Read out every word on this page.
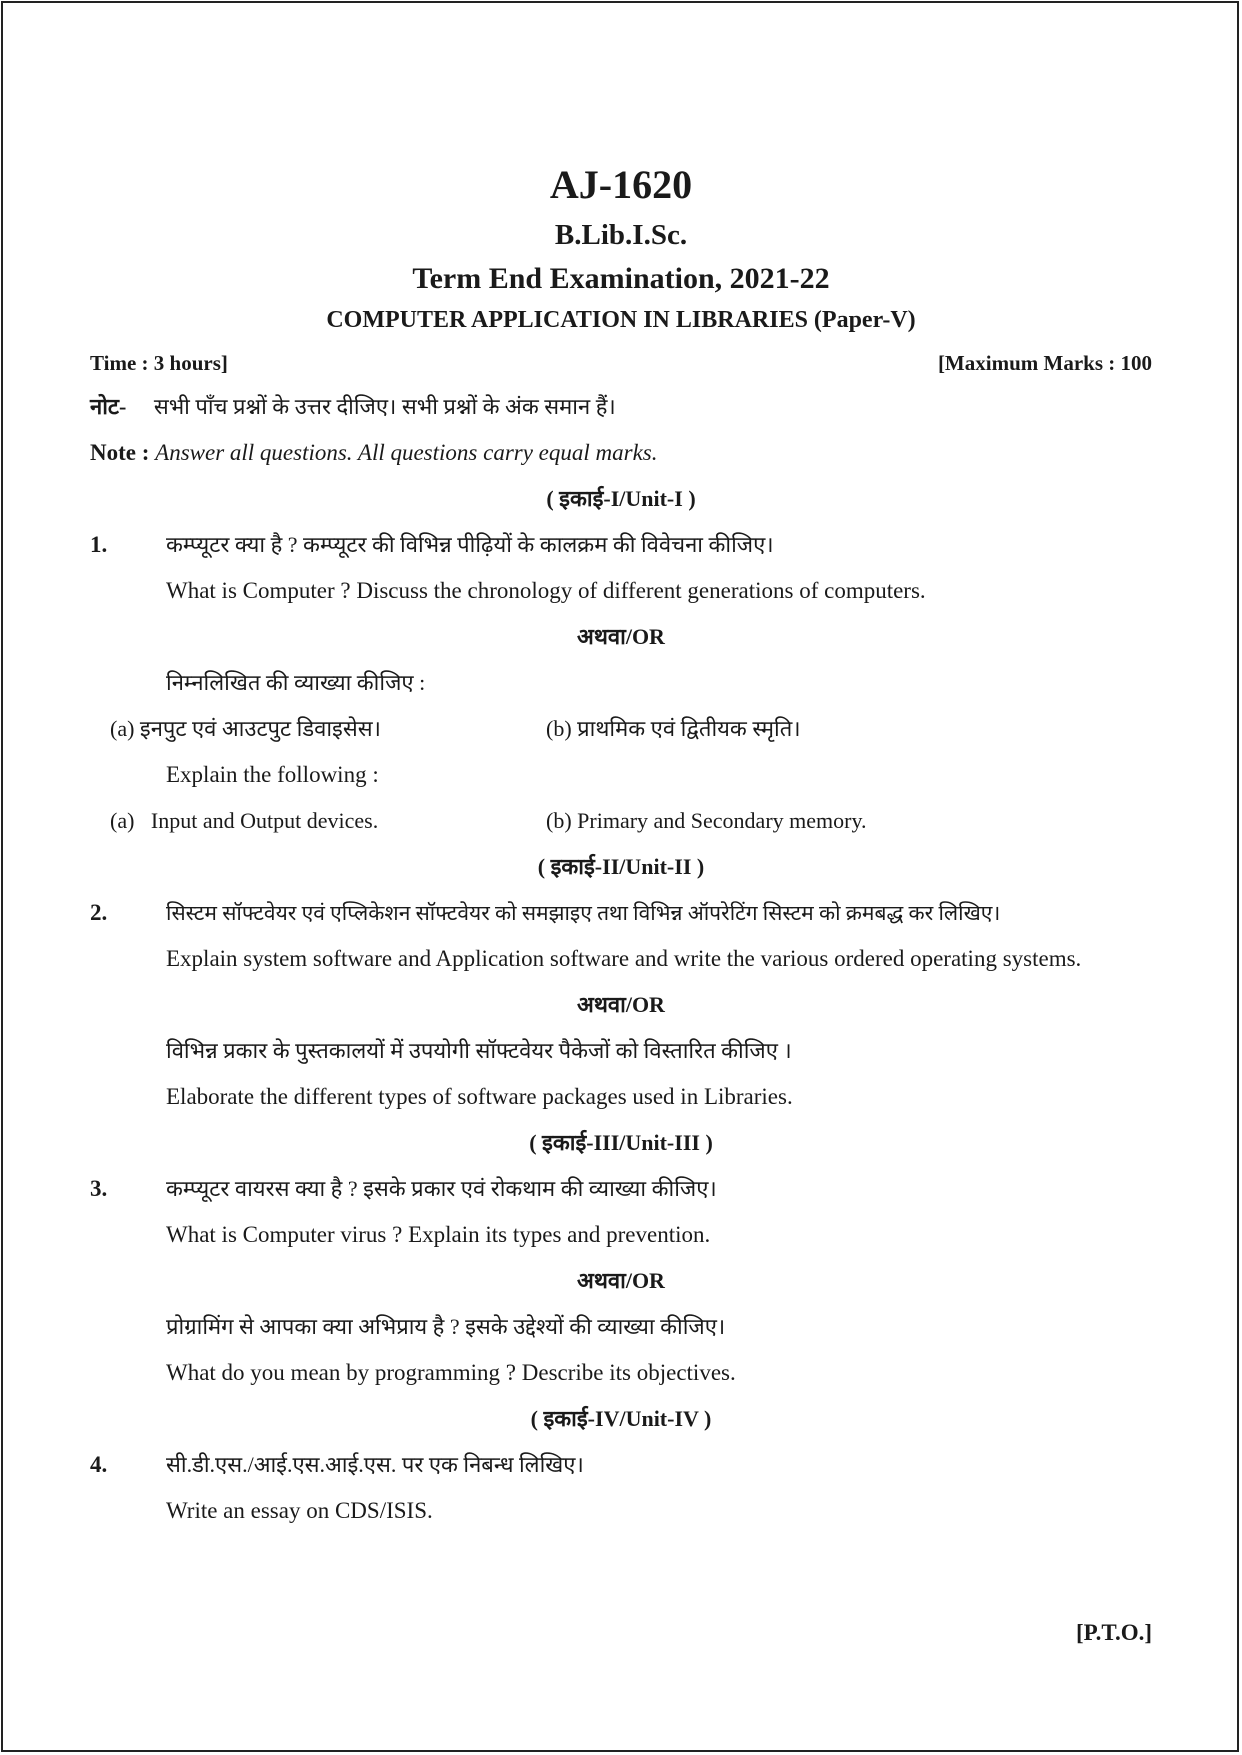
AJ-1620
B.Lib.I.Sc.
Term End Examination, 2021-22
COMPUTER APPLICATION IN LIBRARIES (Paper-V)
Time : 3 hours]	[Maximum Marks : 100
नोट- सभी पाँच प्रश्नों के उत्तर दीजिए। सभी प्रश्नों के अंक समान हैं।
Note : Answer all questions. All questions carry equal marks.
( इकाई-I/Unit-I )
1.	कम्प्यूटर क्या है ? कम्प्यूटर की विभिन्न पीढ़ियों के कालक्रम की विवेचना कीजिए।
What is Computer ? Discuss the chronology of different generations of computers.
अथवा/OR
निम्नलिखित की व्याख्या कीजिए :
(a) इनपुट एवं आउटपुट डिवाइसेस।	(b) प्राथमिक एवं द्वितीयक स्मृति।
Explain the following :
(a)   Input and Output devices.	(b) Primary and Secondary memory.
( इकाई-II/Unit-II )
2.	सिस्टम सॉफ्टवेयर एवं एप्लिकेशन सॉफ्टवेयर को समझाइए तथा विभिन्न ऑपरेटिंग सिस्टम को क्रमबद्ध कर लिखिए।
Explain system software and Application software and write the various ordered operating systems.
अथवा/OR
विभिन्न प्रकार के पुस्तकालयों में उपयोगी सॉफ्टवेयर पैकेजों को विस्तारित कीजिए ।
Elaborate the different types of software packages used in Libraries.
( इकाई-III/Unit-III )
3.	कम्प्यूटर वायरस क्या है ? इसके प्रकार एवं रोकथाम की व्याख्या कीजिए।
What is Computer virus ? Explain its types and prevention.
अथवा/OR
प्रोग्रामिंग से आपका क्या अभिप्राय है ? इसके उद्देश्यों की व्याख्या कीजिए।
What do you mean by programming ? Describe its objectives.
( इकाई-IV/Unit-IV )
4.	सी.डी.एस./आई.एस.आई.एस. पर एक निबन्ध लिखिए।
Write an essay on CDS/ISIS.
[P.T.O.]
